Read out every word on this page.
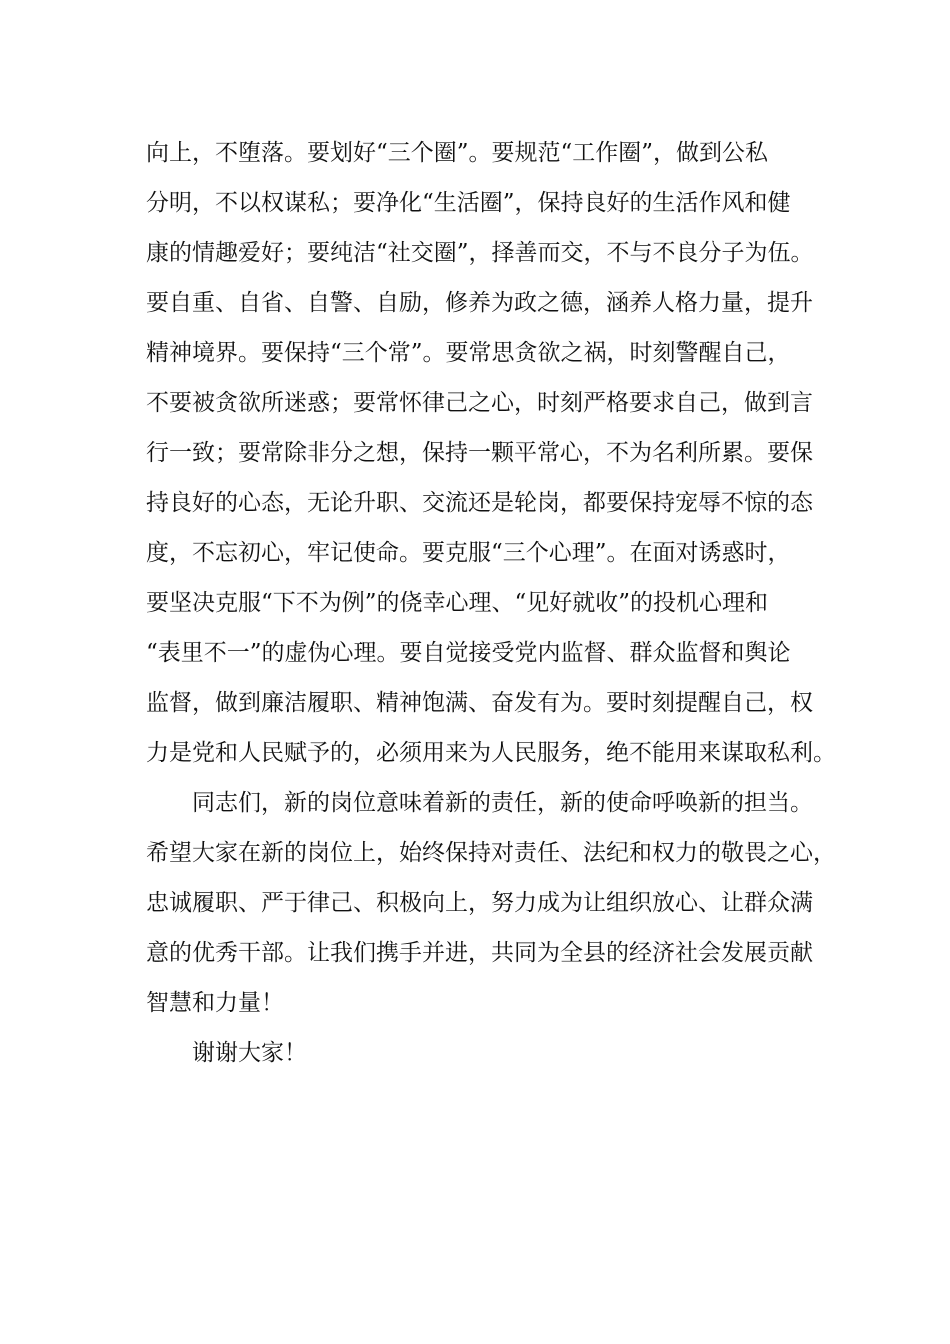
向上，不堕落。要划好“三个圈”。要规范“工作圈”，做到公私
分明，不以权谋私；要净化“生活圈”，保持良好的生活作风和健
康的情趣爱好；要纯洁“社交圈”，择善而交，不与不良分子为伍。
要自重、自省、自警、自励，修养为政之德，涵养人格力量，提升
精神境界。要保持“三个常”。要常思贪欲之祸，时刻警醒自己，
不要被贪欲所迷惑；要常怀律己之心，时刻严格要求自己，做到言
行一致；要常除非分之想，保持一颗平常心，不为名利所累。要保
持良好的心态，无论升职、交流还是轮岗，都要保持宠辱不惊的态
度，不忘初心，牢记使命。要克服“三个心理”。在面对诱惑时，
要坚决克服“下不为例”的侥幸心理、“见好就收”的投机心理和
“表里不一”的虚伪心理。要自觉接受党内监督、群众监督和舆论
监督，做到廉洁履职、精神饱满、奋发有为。要时刻提醒自己，权
力是党和人民赋予的，必须用来为人民服务，绝不能用来谋取私利。
　　同志们，新的岗位意味着新的责任，新的使命呼唤新的担当。
希望大家在新的岗位上，始终保持对责任、法纪和权力的敬畏之心，
忠诚履职、严于律己、积极向上，努力成为让组织放心、让群众满
意的优秀干部。让我们携手并进，共同为全县的经济社会发展贡献
智慧和力量！
　　谢谢大家！
